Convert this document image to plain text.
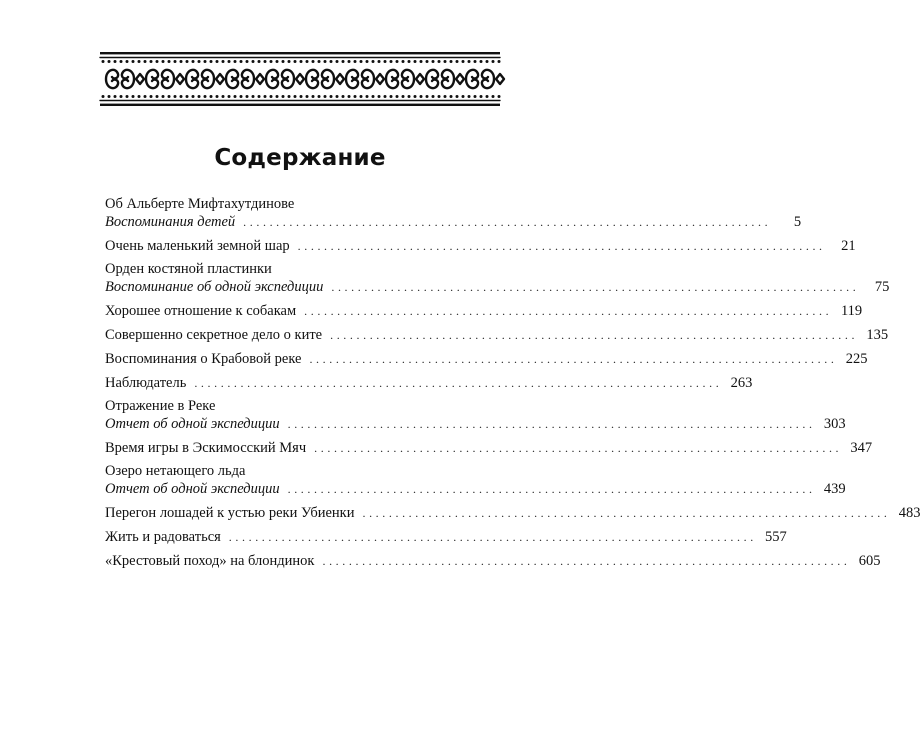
Содержание
Об Альберте Мифтахутдинове
Воспоминания детей ................................................................................	5
Очень маленький земной шар ................................................................................	21
Орден костяной пластинки
Воспоминание об одной экспедиции ................................................................................	75
Хорошее отношение к собакам ................................................................................ 119
Совершенно секретное дело о ките ................................................................................ 135
Воспоминания о Крабовой реке ................................................................................ 225
Наблюдатель ................................................................................ 263
Отражение в Реке
Отчет об одной экспедиции ................................................................................ 303
Время игры в Эскимосский Мяч ................................................................................ 347
Озеро нетающего льда
Отчет об одной экспедиции ................................................................................ 439
Перегон лошадей к устью реки Убиенки ................................................................................ 483
Жить и радоваться ................................................................................ 557
«Крестовый поход» на блондинок ................................................................................ 605
